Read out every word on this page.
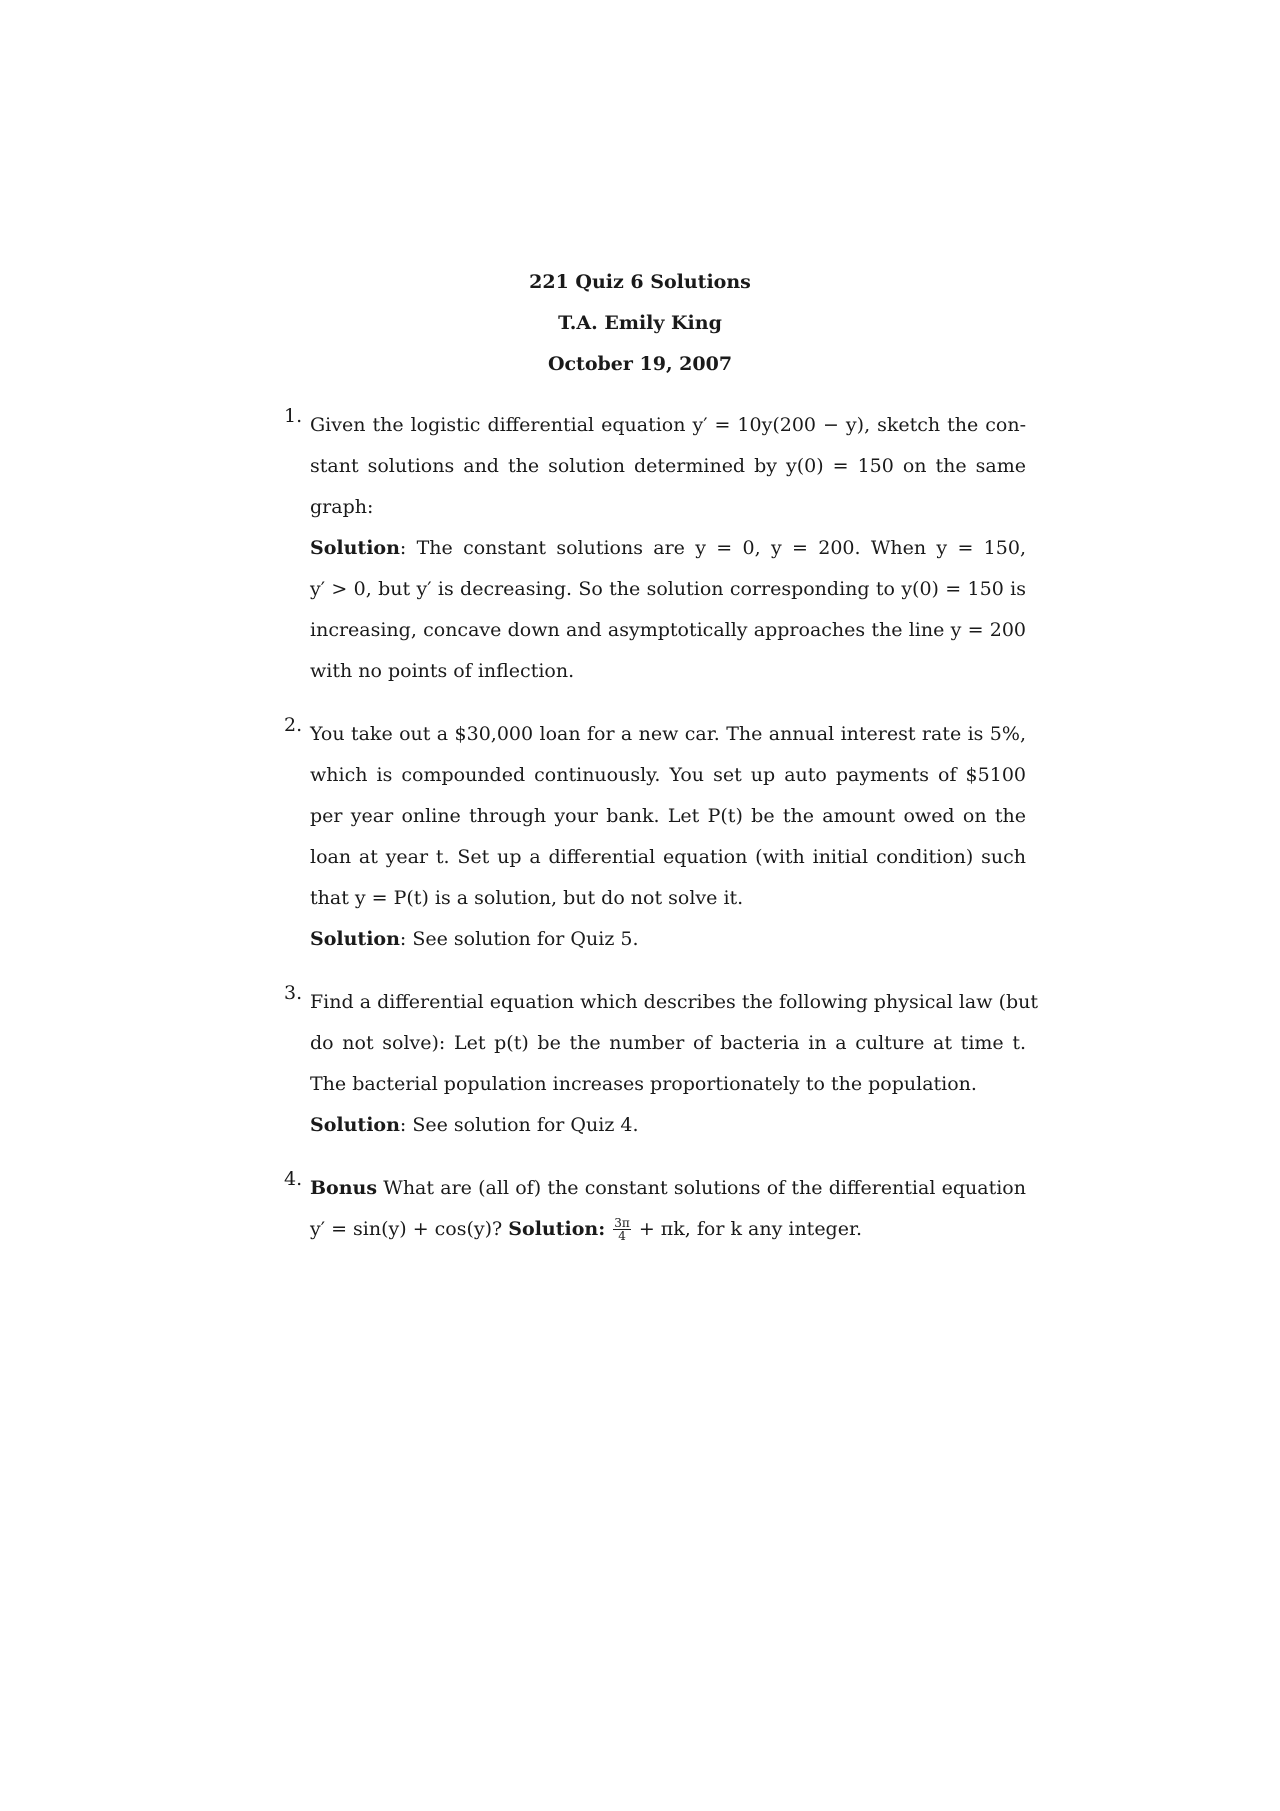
221 Quiz 6 Solutions
T.A. Emily King
October 19, 2007
1. Given the logistic differential equation y′ = 10y(200 − y), sketch the con-
stant solutions and the solution determined by y(0) = 150 on the same
graph:
Solution: The constant solutions are y = 0, y = 200. When y = 150,
y′ > 0, but y′ is decreasing. So the solution corresponding to y(0) = 150 is
increasing, concave down and asymptotically approaches the line y = 200
with no points of inflection.
2. You take out a $30,000 loan for a new car. The annual interest rate is 5%,
which is compounded continuously. You set up auto payments of $5100
per year online through your bank. Let P(t) be the amount owed on the
loan at year t. Set up a differential equation (with initial condition) such
that y = P(t) is a solution, but do not solve it.
Solution: See solution for Quiz 5.
3. Find a differential equation which describes the following physical law (but
do not solve): Let p(t) be the number of bacteria in a culture at time t.
The bacterial population increases proportionately to the population.
Solution: See solution for Quiz 4.
4. Bonus What are (all of) the constant solutions of the differential equation
y′ = sin(y) + cos(y)? Solution: $\frac{3\pi}{4} + \pi k$, for k any integer.
